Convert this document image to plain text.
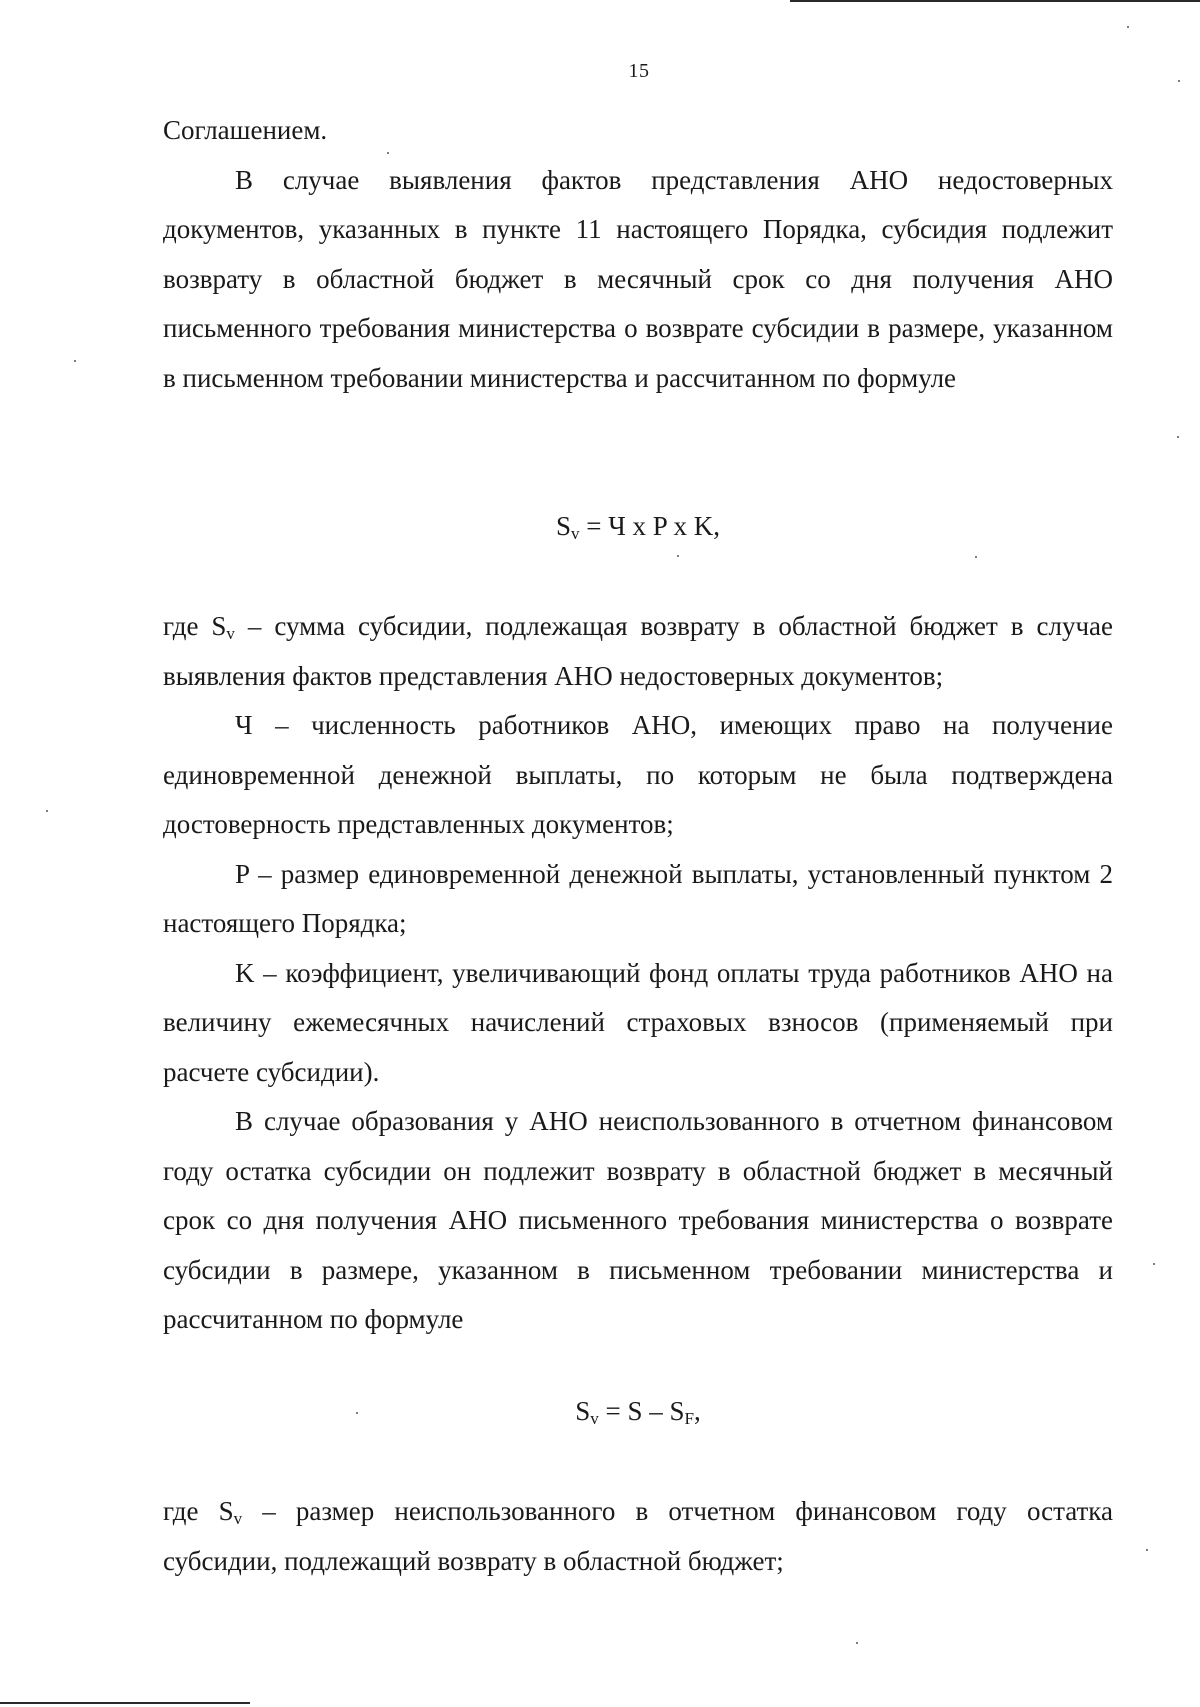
15

Соглашением.

В случае выявления фактов представления АНО недостоверных документов, указанных в пункте 11 настоящего Порядка, субсидия подлежит возврату в областной бюджет в месячный срок со дня получения АНО письменного требования министерства о возврате субсидии в размере, указанном в письменном требовании министерства и рассчитанном по формуле

$S_v = Ч$ x P x K,

где $S_v$ – сумма субсидии, подлежащая возврату в областной бюджет в случае выявления фактов представления АНО недостоверных документов;

Ч – численность работников АНО, имеющих право на получение единовременной денежной выплаты, по которым не была подтверждена достоверность представленных документов;

P – размер единовременной денежной выплаты, установленный пунктом 2 настоящего Порядка;

K – коэффициент, увеличивающий фонд оплаты труда работников АНО на величину ежемесячных начислений страховых взносов (применяемый при расчете субсидии).

В случае образования у АНО неиспользованного в отчетном финансовом году остатка субсидии он подлежит возврату в областной бюджет в месячный срок со дня получения АНО письменного требования министерства о возврате субсидии в размере, указанном в письменном требовании министерства и рассчитанном по формуле

$S_v = S - S_F$,

где $S_v$ – размер неиспользованного в отчетном финансовом году остатка субсидии, подлежащий возврату в областной бюджет;
